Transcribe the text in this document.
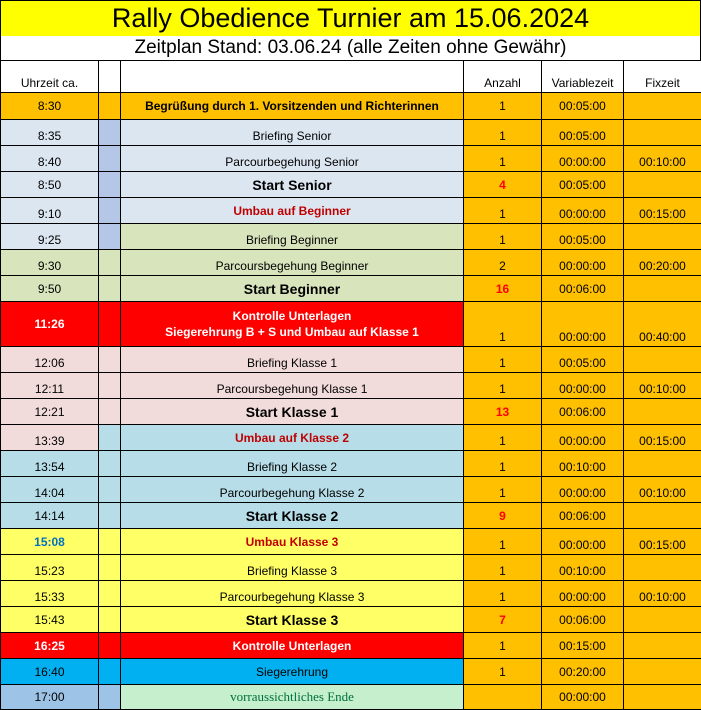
Rally Obedience Turnier am 15.06.2024
Zeitplan Stand: 03.06.24 (alle Zeiten ohne Gewähr)
Uhrzeit ca.			Anzahl	Variablezeit	Fixzeit
8:30		Begrüßung durch 1. Vorsitzenden und Richterinnen	1	00:05:00	
8:35		Briefing Senior	1	00:05:00	
8:40		Parcourbegehung Senior	1	00:00:00	00:10:00
8:50		Start Senior	4	00:05:00	
9:10		Umbau auf Beginner	1	00:00:00	00:15:00
9:25		Briefing Beginner	1	00:05:00	
9:30		Parcoursbegehung Beginner	2	00:00:00	00:20:00
9:50		Start Beginner	16	00:06:00	
11:26		Kontrolle Unterlagen
Siegerehrung B + S und Umbau auf Klasse 1	1	00:00:00	00:40:00
12:06		Briefing Klasse 1	1	00:05:00	
12:11		Parcoursbegehung Klasse 1	1	00:00:00	00:10:00
12:21		Start Klasse 1	13	00:06:00	
13:39		Umbau auf Klasse 2	1	00:00:00	00:15:00
13:54		Briefing Klasse 2	1	00:10:00	
14:04		Parcourbegehung Klasse 2	1	00:00:00	00:10:00
14:14		Start Klasse 2	9	00:06:00	
15:08		Umbau Klasse 3	1	00:00:00	00:15:00
15:23		Briefing Klasse 3	1	00:10:00	
15:33		Parcourbegehung Klasse 3	1	00:00:00	00:10:00
15:43		Start Klasse 3	7	00:06:00	
16:25		Kontrolle Unterlagen	1	00:15:00	
16:40		Siegerehrung	1	00:20:00	
17:00		vorraussichtliches Ende		00:00:00	
